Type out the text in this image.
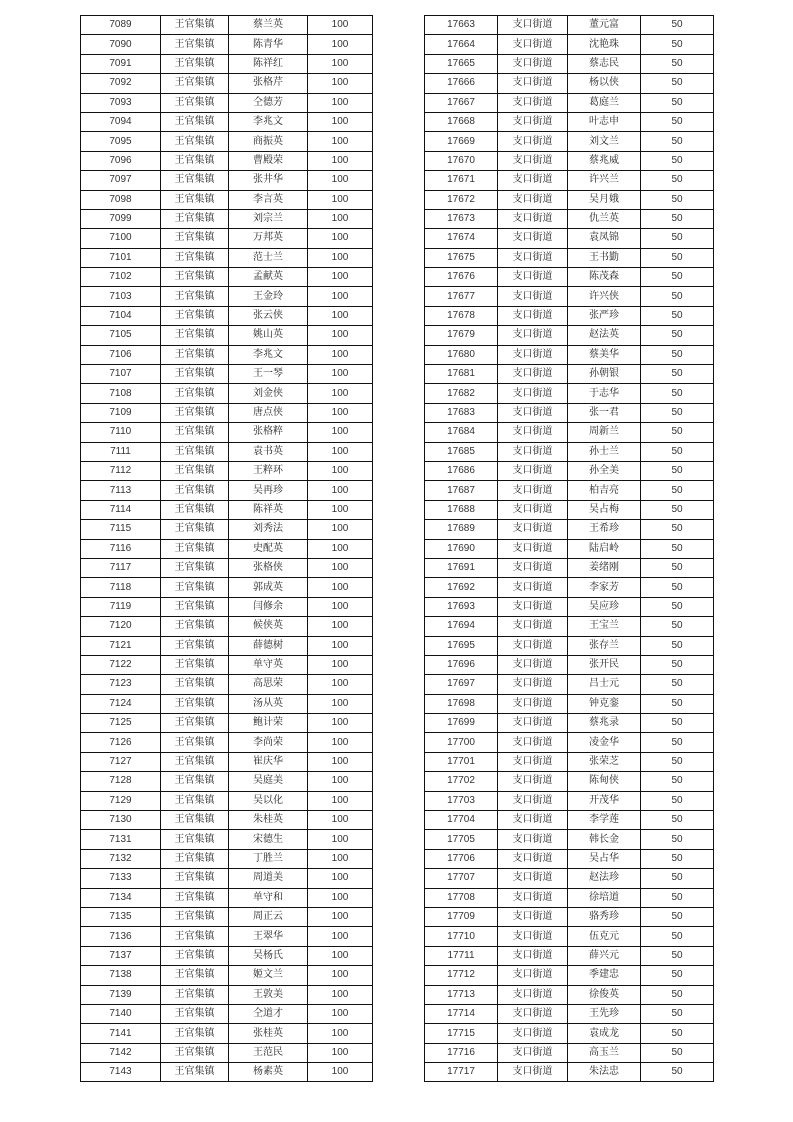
7089	王官集镇	蔡兰英	100
7090	王官集镇	陈青华	100
7091	王官集镇	陈祥红	100
7092	王官集镇	张格芹	100
7093	王官集镇	仝德芳	100
7094	王官集镇	李兆文	100
7095	王官集镇	商振英	100
7096	王官集镇	曹殿荣	100
7097	王官集镇	张井华	100
7098	王官集镇	李言英	100
7099	王官集镇	刘宗兰	100
7100	王官集镇	万邦英	100
7101	王官集镇	范士兰	100
7102	王官集镇	孟献英	100
7103	王官集镇	王金玲	100
7104	王官集镇	张云侠	100
7105	王官集镇	姚山英	100
7106	王官集镇	李兆文	100
7107	王官集镇	王一琴	100
7108	王官集镇	刘金侠	100
7109	王官集镇	唐点侠	100
7110	王官集镇	张格粹	100
7111	王官集镇	袁书英	100
7112	王官集镇	王粹环	100
7113	王官集镇	吴再珍	100
7114	王官集镇	陈祥英	100
7115	王官集镇	刘秀法	100
7116	王官集镇	史配英	100
7117	王官集镇	张格侠	100
7118	王官集镇	郭成英	100
7119	王官集镇	闫修余	100
7120	王官集镇	候侠英	100
7121	王官集镇	薛德树	100
7122	王官集镇	单守英	100
7123	王官集镇	高思荣	100
7124	王官集镇	汤从英	100
7125	王官集镇	鲍计荣	100
7126	王官集镇	李尚荣	100
7127	王官集镇	崔庆华	100
7128	王官集镇	吴庭美	100
7129	王官集镇	吴以化	100
7130	王官集镇	朱桂英	100
7131	王官集镇	宋德生	100
7132	王官集镇	丁胜兰	100
7133	王官集镇	周道美	100
7134	王官集镇	单守和	100
7135	王官集镇	周正云	100
7136	王官集镇	王翠华	100
7137	王官集镇	吴杨氏	100
7138	王官集镇	姬文兰	100
7139	王官集镇	王敦美	100
7140	王官集镇	仝道才	100
7141	王官集镇	张桂英	100
7142	王官集镇	王范民	100
7143	王官集镇	杨素英	100
17663	支口街道	董元富	50
17664	支口街道	沈艳珠	50
17665	支口街道	蔡志民	50
17666	支口街道	杨以侠	50
17667	支口街道	葛庭兰	50
17668	支口街道	叶志申	50
17669	支口街道	刘文兰	50
17670	支口街道	蔡兆威	50
17671	支口街道	许兴兰	50
17672	支口街道	吴月娥	50
17673	支口街道	仇兰英	50
17674	支口街道	袁凤锦	50
17675	支口街道	王书勤	50
17676	支口街道	陈茂森	50
17677	支口街道	许兴侠	50
17678	支口街道	张严珍	50
17679	支口街道	赵法英	50
17680	支口街道	蔡美华	50
17681	支口街道	孙朝银	50
17682	支口街道	于志华	50
17683	支口街道	张一君	50
17684	支口街道	周新兰	50
17685	支口街道	孙士兰	50
17686	支口街道	孙全美	50
17687	支口街道	柏吉亮	50
17688	支口街道	吴占梅	50
17689	支口街道	王希珍	50
17690	支口街道	陆启岭	50
17691	支口街道	姜绪刚	50
17692	支口街道	李家芳	50
17693	支口街道	吴应珍	50
17694	支口街道	王宝兰	50
17695	支口街道	张存兰	50
17696	支口街道	张开民	50
17697	支口街道	吕士元	50
17698	支口街道	钟克銮	50
17699	支口街道	蔡兆录	50
17700	支口街道	凌金华	50
17701	支口街道	张荣芝	50
17702	支口街道	陈甸侠	50
17703	支口街道	开茂华	50
17704	支口街道	李学莲	50
17705	支口街道	韩长金	50
17706	支口街道	吴占华	50
17707	支口街道	赵法珍	50
17708	支口街道	徐培道	50
17709	支口街道	骆秀珍	50
17710	支口街道	伍克元	50
17711	支口街道	薛兴元	50
17712	支口街道	季建忠	50
17713	支口街道	徐俊英	50
17714	支口街道	王先珍	50
17715	支口街道	袁成龙	50
17716	支口街道	高玉兰	50
17717	支口街道	朱法忠	50
